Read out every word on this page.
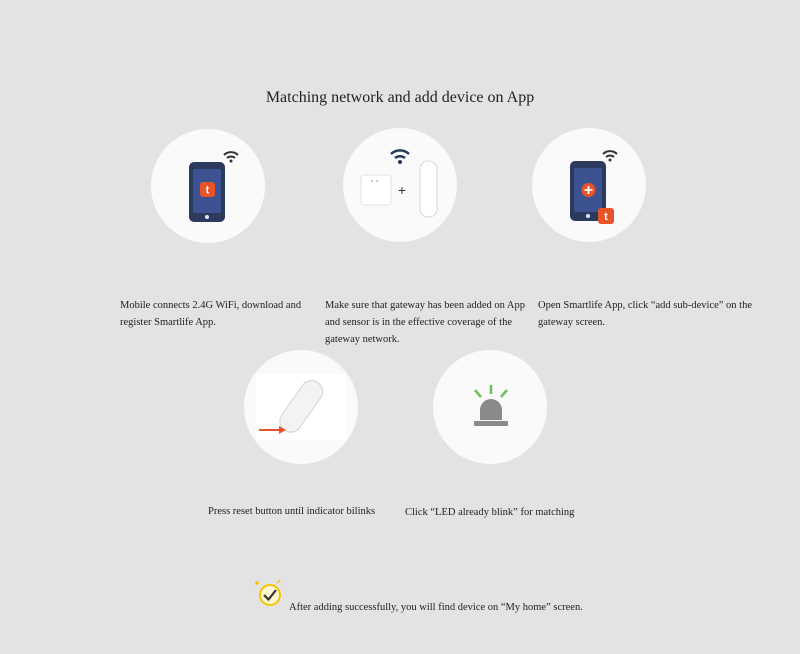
Matching network and add device on App
t	+
t
Mobile connects 2.4G WiFi, download and register Smartlife App.
Make sure that gateway has been added on App and sensor is in the effective coverage of the gateway network.
Open Smartlife App, click “add sub-device” on the gateway screen.
Press reset button until indicator bilinks	Click “LED already blink” for matching
After adding successfully, you will find device on “My home” screen.
